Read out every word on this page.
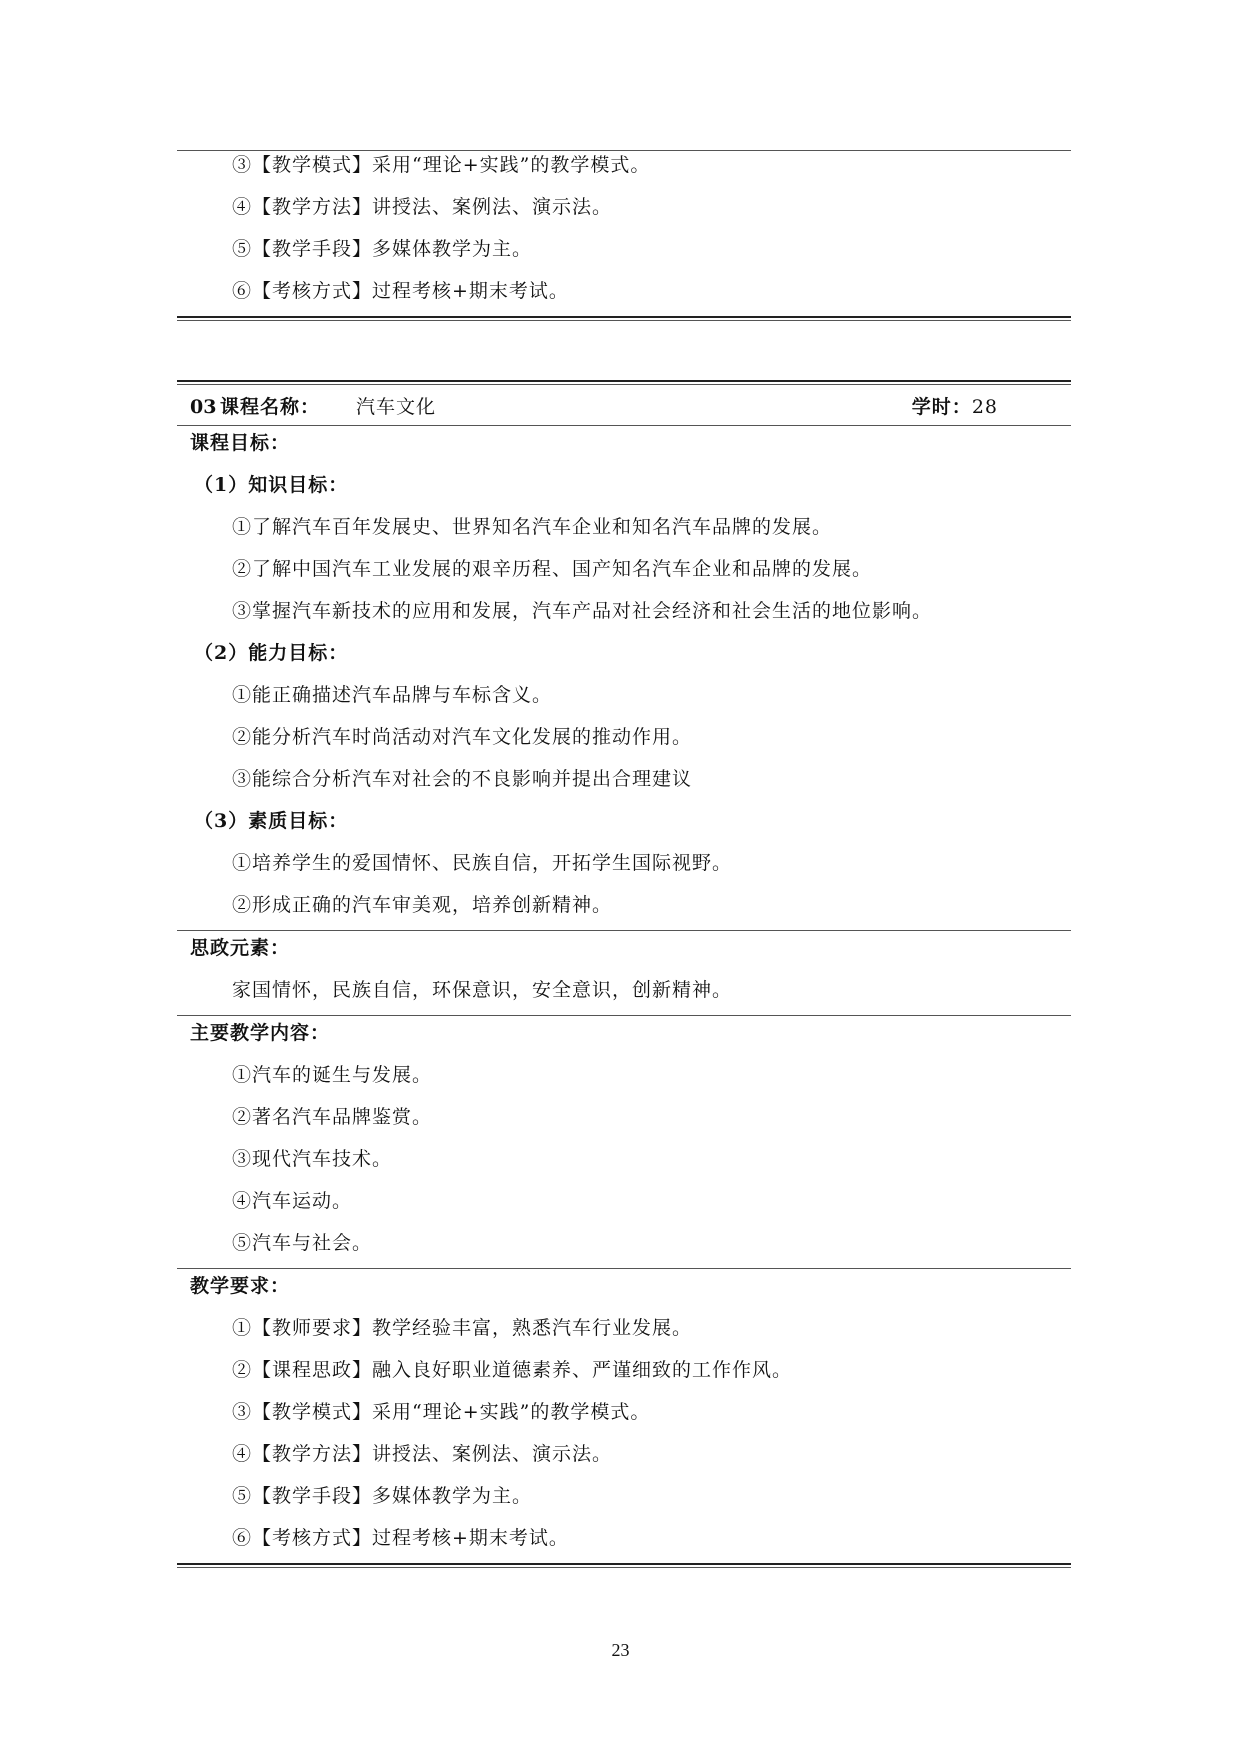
③【教学模式】采用“理论+实践”的教学模式。
④【教学方法】讲授法、案例法、演示法。
⑤【教学手段】多媒体教学为主。
⑥【考核方式】过程考核+期末考试。
03 课程名称： 汽车文化	学时：28
课程目标：
（1）知识目标：
①了解汽车百年发展史、世界知名汽车企业和知名汽车品牌的发展。
②了解中国汽车工业发展的艰辛历程、国产知名汽车企业和品牌的发展。
③掌握汽车新技术的应用和发展，汽车产品对社会经济和社会生活的地位影响。
（2）能力目标：
①能正确描述汽车品牌与车标含义。
②能分析汽车时尚活动对汽车文化发展的推动作用。
③能综合分析汽车对社会的不良影响并提出合理建议
（3）素质目标：
①培养学生的爱国情怀、民族自信，开拓学生国际视野。
②形成正确的汽车审美观，培养创新精神。
思政元素：
家国情怀，民族自信，环保意识，安全意识，创新精神。
主要教学内容：
①汽车的诞生与发展。
②著名汽车品牌鉴赏。
③现代汽车技术。
④汽车运动。
⑤汽车与社会。
教学要求：
①【教师要求】教学经验丰富，熟悉汽车行业发展。
②【课程思政】融入良好职业道德素养、严谨细致的工作作风。
③【教学模式】采用“理论+实践”的教学模式。
④【教学方法】讲授法、案例法、演示法。
⑤【教学手段】多媒体教学为主。
⑥【考核方式】过程考核+期末考试。
23
